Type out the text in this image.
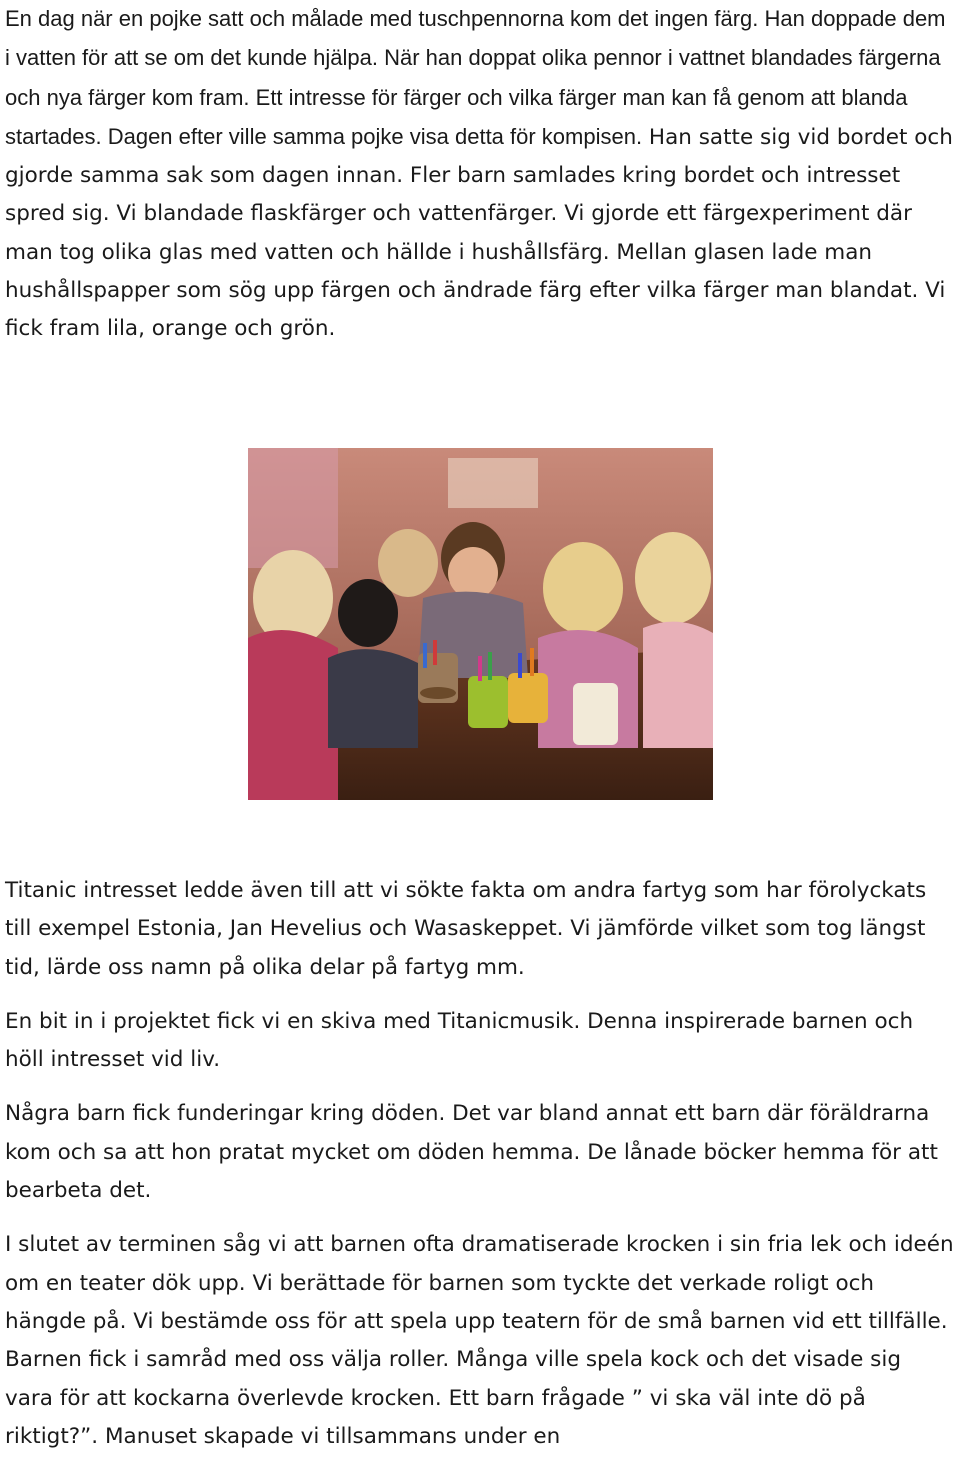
En dag när en pojke satt och målade med tuschpennorna kom det ingen färg. Han doppade dem i vatten för att se om det kunde hjälpa. När han doppat olika pennor i vattnet blandades färgerna och nya färger kom fram. Ett intresse för färger och vilka färger man kan få genom att blanda startades. Dagen efter ville samma pojke visa detta för kompisen. Han satte sig vid bordet och gjorde samma sak som dagen innan. Fler barn samlades kring bordet och intresset spred sig. Vi blandade flaskfärger och vattenfärger. Vi gjorde ett färgexperiment där man tog olika glas med vatten och hällde i hushållsfärg. Mellan glasen lade man hushållspapper som sög upp färgen och ändrade färg efter vilka färger man blandat. Vi fick fram lila, orange och grön.

Titanic intresset ledde även till att vi sökte fakta om andra fartyg som har förolyckats till exempel Estonia, Jan Hevelius och Wasaskeppet. Vi jämförde vilket som tog längst tid, lärde oss namn på olika delar på fartyg mm.

En bit in i projektet fick vi en skiva med Titanicmusik. Denna inspirerade barnen och höll intresset vid liv.

Några barn fick funderingar kring döden. Det var bland annat ett barn där föräldrarna kom och sa att hon pratat mycket om döden hemma. De lånade böcker hemma för att bearbeta det.

I slutet av terminen såg vi att barnen ofta dramatiserade krocken i sin fria lek och ideén om en teater dök upp. Vi berättade för barnen som tyckte det verkade roligt och hängde på. Vi bestämde oss för att spela upp teatern för de små barnen vid ett tillfälle. Barnen fick i samråd med oss välja roller. Många ville spela kock och det visade sig vara för att kockarna överlevde krocken. Ett barn frågade ” vi ska väl inte dö på riktigt?”. Manuset skapade vi tillsammans under en
